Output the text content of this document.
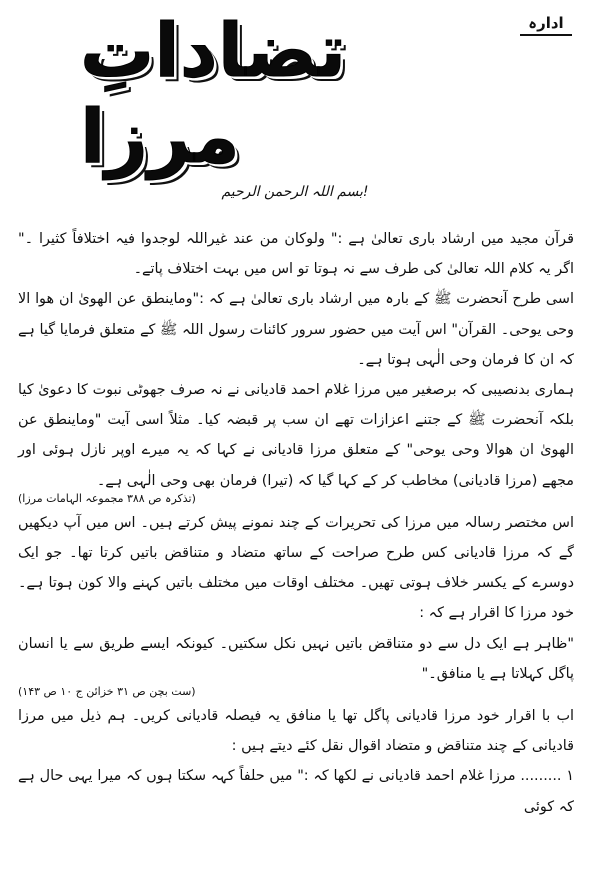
ادارہ
تضاداتِ مرزا
بسم اللہ الرحمن الرحیم!

قرآن مجید میں ارشاد باری تعالیٰ ہے :" ولوکان من عند غیراللہ لوجدوا فیہ اختلافاً کثیرا ۔" اگر یہ کلام اللہ تعالیٰ کی طرف سے نہ ہوتا تو اس میں بہت اختلاف پاتے۔

اسی طرح آنحضرت ﷺ کے بارہ میں ارشاد باری تعالیٰ ہے کہ :"وماینطق عن الھویٰ ان ھوا الا وحی یوحی۔ القرآن" اس آیت میں حضور سرور کائنات رسول اللہ ﷺ کے متعلق فرمایا گیا ہے کہ ان کا فرمان وحی الٰہی ہوتا ہے۔

ہماری بدنصیبی کہ برصغیر میں مرزا غلام احمد قادیانی نے نہ صرف جھوٹی نبوت کا دعویٰ کیا بلکہ آنحضرت ﷺ کے جتنے اعزازات تھے ان سب پر قبضہ کیا۔ مثلاً اسی آیت "وماینطق عن الھویٰ ان ھوالا وحی یوحی" کے متعلق مرزا قادیانی نے کہا کہ یہ میرے اوپر نازل ہوئی اور مجھے (مرزا قادیانی) مخاطب کر کے کہا گیا کہ (تیرا) فرمان بھی وحی الٰہی ہے۔

(تذکرہ ص ۳۸۸ مجموعہ الہامات مرزا)

اس مختصر رسالہ میں مرزا کی تحریرات کے چند نمونے پیش کرتے ہیں۔ اس میں آپ دیکھیں گے کہ مرزا قادیانی کس طرح صراحت کے ساتھ متضاد و متناقض باتیں کرتا تھا۔ جو ایک دوسرے کے یکسر خلاف ہوتی تھیں۔ مختلف اوقات میں مختلف باتیں کہنے والا کون ہوتا ہے۔ خود مرزا کا اقرار ہے کہ :

"ظاہر ہے ایک دل سے دو متناقض باتیں نہیں نکل سکتیں۔ کیونکہ ایسے طریق سے یا انسان پاگل کہلاتا ہے یا منافق۔"

(ست بچن ص ۳۱ خزائن ج ۱۰ ص ۱۴۳)

اب با اقرار خود مرزا قادیانی پاگل تھا یا منافق یہ فیصلہ قادیانی کریں۔ ہم ذیل میں مرزا قادیانی کے چند متناقض و متضاد اقوال نقل کئے دیتے ہیں :

۱ ......... مرزا غلام احمد قادیانی نے لکھا کہ :" میں حلفاً کہہ سکتا ہوں کہ میرا یہی حال ہے کہ کوئی
